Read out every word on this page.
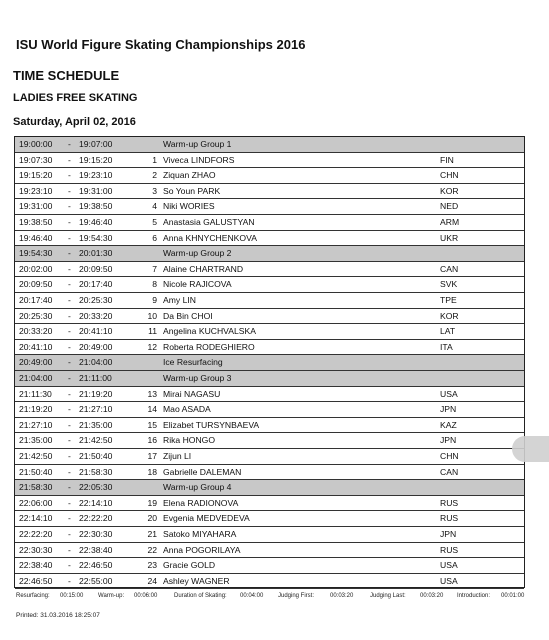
ISU World Figure Skating Championships 2016
TIME SCHEDULE
LADIES FREE SKATING
Saturday, April 02, 2016
19:00:00 - 19:07:00	Warm-up Group 1
19:07:30 - 19:15:20	1 Viveca LINDFORS	FIN
19:15:20 - 19:23:10	2 Ziquan ZHAO	CHN
19:23:10 - 19:31:00	3 So Youn PARK	KOR
19:31:00 - 19:38:50	4 Niki WORIES	NED
19:38:50 - 19:46:40	5 Anastasia GALUSTYAN	ARM
19:46:40 - 19:54:30	6 Anna KHNYCHENKOVA	UKR
19:54:30 - 20:01:30	Warm-up Group 2
20:02:00 - 20:09:50	7 Alaine CHARTRAND	CAN
20:09:50 - 20:17:40	8 Nicole RAJICOVA	SVK
20:17:40 - 20:25:30	9 Amy LIN	TPE
20:25:30 - 20:33:20	10 Da Bin CHOI	KOR
20:33:20 - 20:41:10	11 Angelina KUCHVALSKA	LAT
20:41:10 - 20:49:00	12 Roberta RODEGHIERO	ITA
20:49:00 - 21:04:00	Ice Resurfacing
21:04:00 - 21:11:00	Warm-up Group 3
21:11:30 - 21:19:20	13 Mirai NAGASU	USA
21:19:20 - 21:27:10	14 Mao ASADA	JPN
21:27:10 - 21:35:00	15 Elizabet TURSYNBAEVA	KAZ
21:35:00 - 21:42:50	16 Rika HONGO	JPN
21:42:50 - 21:50:40	17 Zijun LI	CHN
21:50:40 - 21:58:30	18 Gabrielle DALEMAN	CAN
21:58:30 - 22:05:30	Warm-up Group 4
22:06:00 - 22:14:10	19 Elena RADIONOVA	RUS
22:14:10 - 22:22:20	20 Evgenia MEDVEDEVA	RUS
22:22:20 - 22:30:30	21 Satoko MIYAHARA	JPN
22:30:30 - 22:38:40	22 Anna POGORILAYA	RUS
22:38:40 - 22:46:50	23 Gracie GOLD	USA
22:46:50 - 22:55:00	24 Ashley WAGNER	USA
Resurfacing: 00:15:00 Warm-up: 00:06:00	Duration of Skating: 00:04:00 Judging First:	00:03:20	Judging Last: 00:03:20 Introduction: 00:01:00
Printed: 31.03.2016 18:25:07
